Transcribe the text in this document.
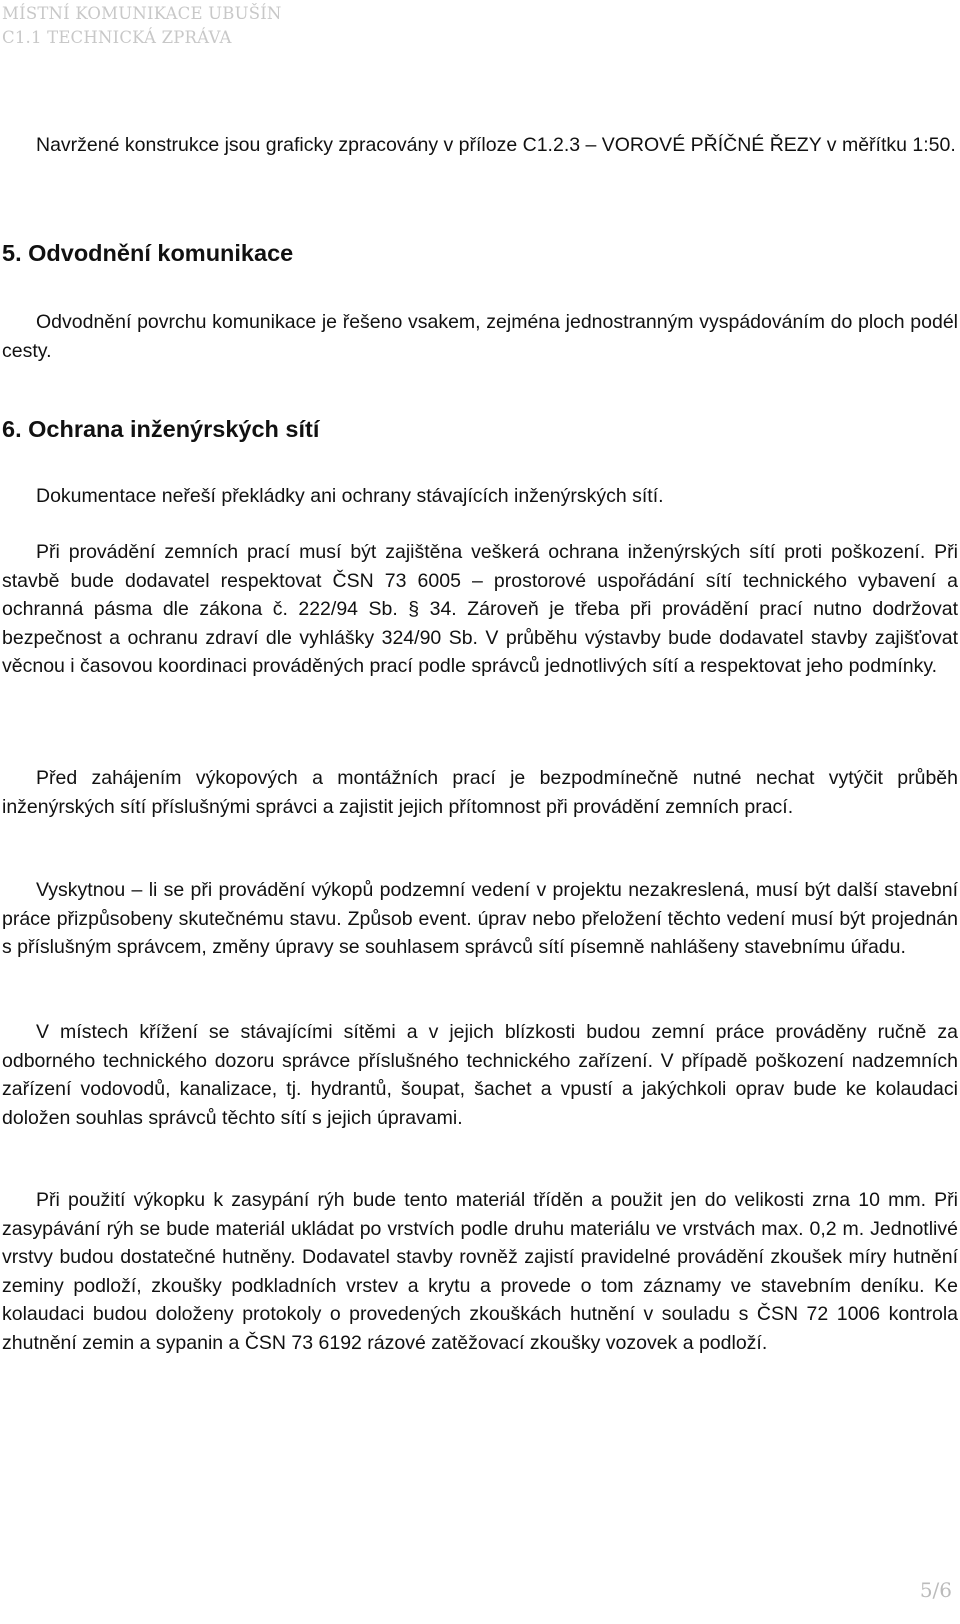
MÍSTNÍ KOMUNIKACE UBUŠÍN
C1.1 TECHNICKÁ ZPRÁVA

Navržené konstrukce jsou graficky zpracovány v příloze C1.2.3 – VOROVÉ PŘÍČNÉ ŘEZY v měřítku 1:50.

5. Odvodnění komunikace

Odvodnění povrchu komunikace je řešeno vsakem, zejména jednostranným vyspádováním do ploch podél cesty.

6. Ochrana inženýrských sítí

Dokumentace neřeší překládky ani ochrany stávajících inženýrských sítí.

Při provádění zemních prací musí být zajištěna veškerá ochrana inženýrských sítí proti poškození. Při stavbě bude dodavatel respektovat ČSN 73 6005 – prostorové uspořádání sítí technického vybavení a ochranná pásma dle zákona č. 222/94 Sb. § 34. Zároveň je třeba při provádění prací nutno dodržovat bezpečnost a ochranu zdraví dle vyhlášky 324/90 Sb. V průběhu výstavby bude dodavatel stavby zajišťovat věcnou i časovou koordinaci prováděných prací podle správců jednotlivých sítí a respektovat jeho podmínky.

Před zahájením výkopových a montážních prací je bezpodmínečně nutné nechat vytýčit průběh inženýrských sítí příslušnými správci a zajistit jejich přítomnost při provádění zemních prací.

Vyskytnou – li se při provádění výkopů podzemní vedení v projektu nezakreslená, musí být další stavební práce přizpůsobeny skutečnému stavu. Způsob event. úprav nebo přeložení těchto vedení musí být projednán s příslušným správcem, změny úpravy se souhlasem správců sítí písemně nahlášeny stavebnímu úřadu.

V místech křížení se stávajícími sítěmi a v jejich blízkosti budou zemní práce prováděny ručně za odborného technického dozoru správce příslušného technického zařízení. V případě poškození nadzemních zařízení vodovodů, kanalizace, tj. hydrantů, šoupat, šachet a vpustí a jakýchkoli oprav bude ke kolaudaci doložen souhlas správců těchto sítí s jejich úpravami.

Při použití výkopku k zasypání rýh bude tento materiál tříděn a použit jen do velikosti zrna 10 mm. Při zasypávání rýh se bude materiál ukládat po vrstvích podle druhu materiálu ve vrstvách max. 0,2 m. Jednotlivé vrstvy budou dostatečné hutněny. Dodavatel stavby rovněž zajistí pravidelné provádění zkoušek míry hutnění zeminy podloží, zkoušky podkladních vrstev a krytu a provede o tom záznamy ve stavebním deníku. Ke kolaudaci budou doloženy protokoly o provedených zkouškách hutnění v souladu s ČSN 72 1006 kontrola zhutnění zemin a sypanin a ČSN 73 6192 rázové zatěžovací zkoušky vozovek a podloží.

5/6
